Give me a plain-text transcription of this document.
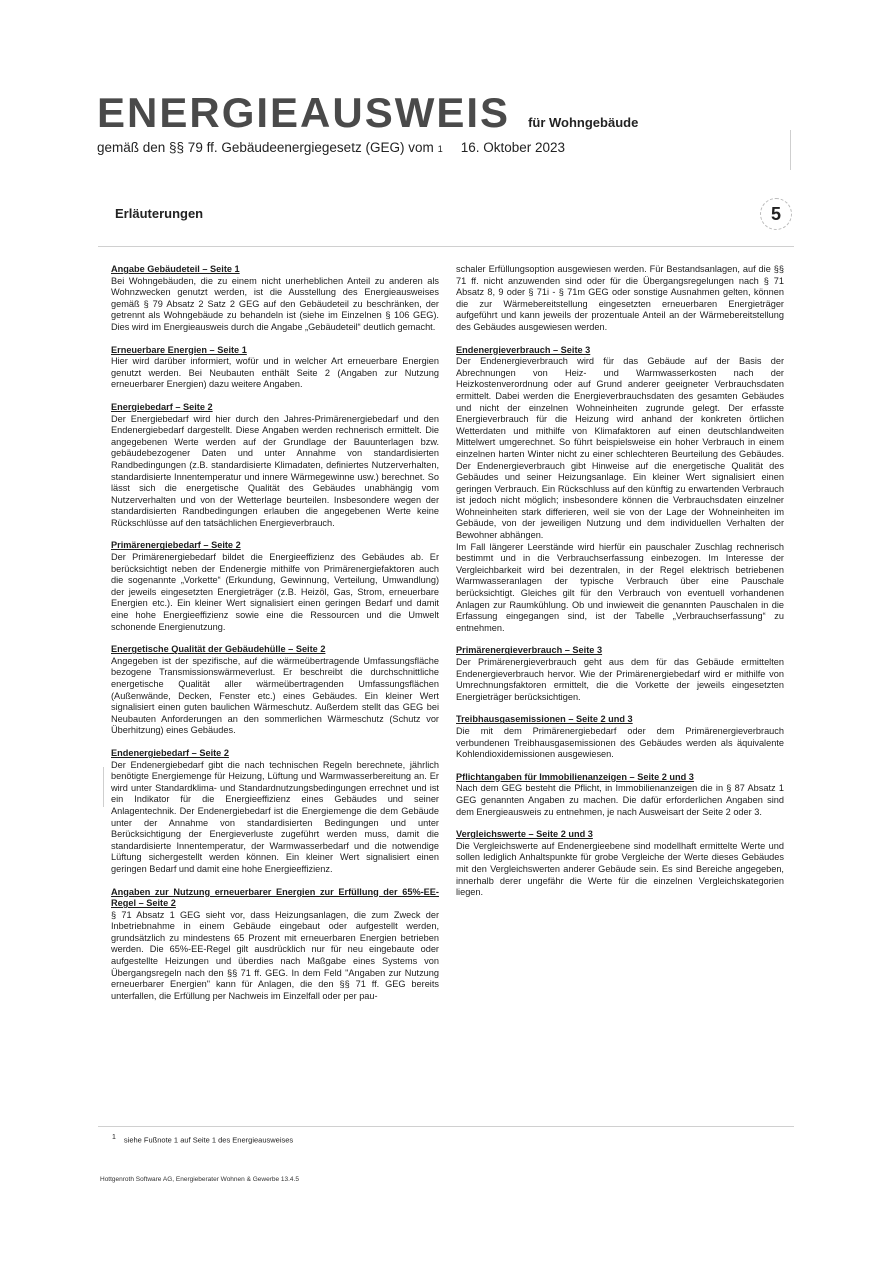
ENERGIEAUSWEIS für Wohngebäude
gemäß den §§ 79 ff. Gebäudeenergiegesetz (GEG) vom 1 16. Oktober 2023
Erläuterungen	5

Angabe Gebäudeteil – Seite 1

Bei Wohngebäuden, die zu einem nicht unerheblichen Anteil zu anderen als Wohnzwecken genutzt werden, ist die Ausstellung des Energieausweises gemäß § 79 Absatz 2 Satz 2 GEG auf den Gebäudeteil zu beschränken, der getrennt als Wohngebäude zu behandeln ist (siehe im Einzelnen § 106 GEG). Dies wird im Energieausweis durch die Angabe „Gebäudeteil“ deutlich gemacht.

Erneuerbare Energien – Seite 1

Hier wird darüber informiert, wofür und in welcher Art erneuerbare Energien genutzt werden. Bei Neubauten enthält Seite 2 (Angaben zur Nutzung erneuerbarer Energien) dazu weitere Angaben.

Energiebedarf – Seite 2

Der Energiebedarf wird hier durch den Jahres-Primärenergiebedarf und den Endenergiebedarf dargestellt. Diese Angaben werden rechnerisch ermittelt. Die angegebenen Werte werden auf der Grundlage der Bauunterlagen bzw. gebäudebezogener Daten und unter Annahme von standardisierten Randbedingungen (z.B. standardisierte Klimadaten, definiertes Nutzerverhalten, standardisierte Innentemperatur und innere Wärmegewinne usw.) berechnet. So lässt sich die energetische Qualität des Gebäudes unabhängig vom Nutzerverhalten und von der Wetterlage beurteilen. Insbesondere wegen der standardisierten Randbedingungen erlauben die angegebenen Werte keine Rückschlüsse auf den tatsächlichen Energieverbrauch.

Primärenergiebedarf – Seite 2

Der Primärenergiebedarf bildet die Energieeffizienz des Gebäudes ab. Er berücksichtigt neben der Endenergie mithilfe von Primärenergiefaktoren auch die sogenannte „Vorkette“ (Erkundung, Gewinnung, Verteilung, Umwandlung) der jeweils eingesetzten Energieträger (z.B. Heizöl, Gas, Strom, erneuerbare Energien etc.). Ein kleiner Wert signalisiert einen geringen Bedarf und damit eine hohe Energieeffizienz sowie eine die Ressourcen und die Umwelt schonende Energienutzung.

Energetische Qualität der Gebäudehülle – Seite 2

Angegeben ist der spezifische, auf die wärmeübertragende Umfassungsfläche bezogene Transmissionswärmeverlust. Er beschreibt die durchschnittliche energetische Qualität aller wärmeübertragenden Umfassungsflächen (Außenwände, Decken, Fenster etc.) eines Gebäudes. Ein kleiner Wert signalisiert einen guten baulichen Wärmeschutz. Außerdem stellt das GEG bei Neubauten Anforderungen an den sommerlichen Wärmeschutz (Schutz vor Überhitzung) eines Gebäudes.

Endenergiebedarf – Seite 2

Der Endenergiebedarf gibt die nach technischen Regeln berechnete, jährlich benötigte Energiemenge für Heizung, Lüftung und Warmwasserbereitung an. Er wird unter Standardklima- und Standardnutzungsbedingungen errechnet und ist ein Indikator für die Energieeffizienz eines Gebäudes und seiner Anlagentechnik. Der Endenergiebedarf ist die Energiemenge die dem Gebäude unter der Annahme von standardisierten Bedingungen und unter Berücksichtigung der Energieverluste zugeführt werden muss, damit die standardisierte Innentemperatur, der Warmwasserbedarf und die notwendige Lüftung sichergestellt werden können. Ein kleiner Wert signalisiert einen geringen Bedarf und damit eine hohe Energieeffizienz.

Angaben zur Nutzung erneuerbarer Energien zur Erfüllung der 65%-EE-Regel – Seite 2

§ 71 Absatz 1 GEG sieht vor, dass Heizungsanlagen, die zum Zweck der Inbetriebnahme in einem Gebäude eingebaut oder aufgestellt werden, grundsätzlich zu mindestens 65 Prozent mit erneuerbaren Energien betrieben werden. Die 65%-EE-Regel gilt ausdrücklich nur für neu eingebaute oder aufgestellte Heizungen und überdies nach Maßgabe eines Systems von Übergangsregeln nach den §§ 71 ff. GEG. In dem Feld "Angaben zur Nutzung erneuerbarer Energien" kann für Anlagen, die den §§ 71 ff. GEG bereits unterfallen, die Erfüllung per Nachweis im Einzelfall oder per pau-

schaler Erfüllungsoption ausgewiesen werden. Für Bestandsanlagen, auf die §§ 71 ff. nicht anzuwenden sind oder für die Übergangsregelungen nach § 71 Absatz 8, 9 oder § 71i - § 71m GEG oder sonstige Ausnahmen gelten, können die zur Wärmebereitstellung eingesetzten erneuerbaren Energieträger aufgeführt und kann jeweils der prozentuale Anteil an der Wärmebereitstellung des Gebäudes ausgewiesen werden.

Endenergieverbrauch – Seite 3

Der Endenergieverbrauch wird für das Gebäude auf der Basis der Abrechnungen von Heiz- und Warmwasserkosten nach der Heizkostenverordnung oder auf Grund anderer geeigneter Verbrauchsdaten ermittelt. Dabei werden die Energieverbrauchsdaten des gesamten Gebäudes und nicht der einzelnen Wohneinheiten zugrunde gelegt. Der erfasste Energieverbrauch für die Heizung wird anhand der konkreten örtlichen Wetterdaten und mithilfe von Klimafaktoren auf einen deutschlandweiten Mittelwert umgerechnet. So führt beispielsweise ein hoher Verbrauch in einem einzelnen harten Winter nicht zu einer schlechteren Beurteilung des Gebäudes. Der Endenergieverbrauch gibt Hinweise auf die energetische Qualität des Gebäudes und seiner Heizungsanlage. Ein kleiner Wert signalisiert einen geringen Verbrauch. Ein Rückschluss auf den künftig zu erwartenden Verbrauch ist jedoch nicht möglich; insbesondere können die Verbrauchsdaten einzelner Wohneinheiten stark differieren, weil sie von der Lage der Wohneinheiten im Gebäude, von der jeweiligen Nutzung und dem individuellen Verhalten der Bewohner abhängen.

Im Fall längerer Leerstände wird hierfür ein pauschaler Zuschlag rechnerisch bestimmt und in die Verbrauchserfassung einbezogen. Im Interesse der Vergleichbarkeit wird bei dezentralen, in der Regel elektrisch betriebenen Warmwasseranlagen der typische Verbrauch über eine Pauschale berücksichtigt. Gleiches gilt für den Verbrauch von eventuell vorhandenen Anlagen zur Raumkühlung. Ob und inwieweit die genannten Pauschalen in die Erfassung eingegangen sind, ist der Tabelle „Verbrauchserfassung“ zu entnehmen.

Primärenergieverbrauch – Seite 3

Der Primärenergieverbrauch geht aus dem für das Gebäude ermittelten Endenergieverbrauch hervor. Wie der Primärenergiebedarf wird er mithilfe von Umrechnungsfaktoren ermittelt, die die Vorkette der jeweils eingesetzten Energieträger berücksichtigen.

Treibhausgasemissionen – Seite 2 und 3

Die mit dem Primärenergiebedarf oder dem Primärenergieverbrauch verbundenen Treibhausgasemissionen des Gebäudes werden als äquivalente Kohlendioxidemissionen ausgewiesen.

Pflichtangaben für Immobilienanzeigen – Seite 2 und 3

Nach dem GEG besteht die Pflicht, in Immobilienanzeigen die in § 87 Absatz 1 GEG genannten Angaben zu machen. Die dafür erforderlichen Angaben sind dem Energieausweis zu entnehmen, je nach Ausweisart der Seite 2 oder 3.

Vergleichswerte – Seite 2 und 3

Die Vergleichswerte auf Endenergieebene sind modellhaft ermittelte Werte und sollen lediglich Anhaltspunkte für grobe Vergleiche der Werte dieses Gebäudes mit den Vergleichswerten anderer Gebäude sein. Es sind Bereiche angegeben, innerhalb derer ungefähr die Werte für die einzelnen Vergleichskategorien liegen.

1 siehe Fußnote 1 auf Seite 1 des Energieausweises
Hottgenroth Software AG, Energieberater Wohnen & Gewerbe 13.4.5
